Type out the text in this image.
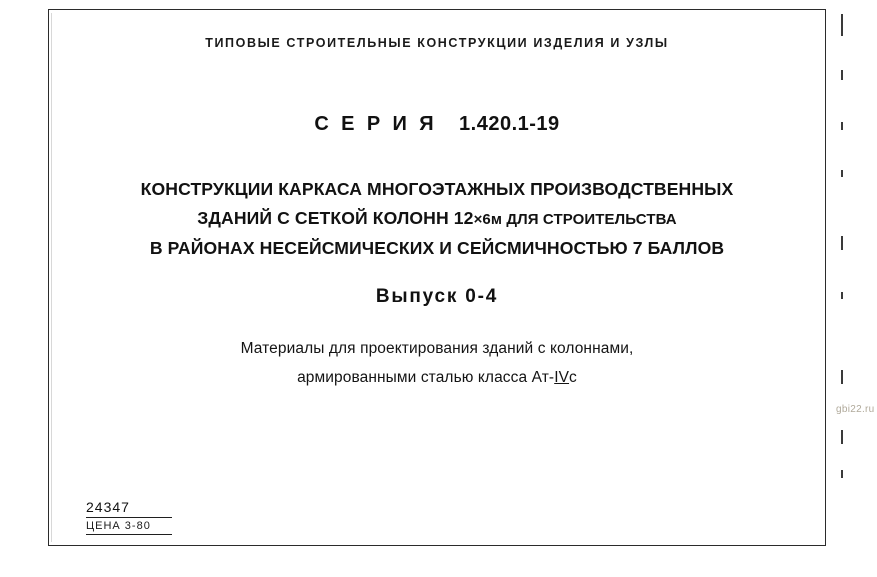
ТИПОВЫЕ СТРОИТЕЛЬНЫЕ КОНСТРУКЦИИ ИЗДЕЛИЯ И УЗЛЫ
С Е Р И Я 1.420.1-19
КОНСТРУКЦИИ КАРКАСА МНОГОЭТАЖНЫХ ПРОИЗВОДСТВЕННЫХ
ЗДАНИЙ С СЕТКОЙ КОЛОНН 12×6м ДЛЯ СТРОИТЕЛЬСТВА
В РАЙОНАХ НЕСЕЙСМИЧЕСКИХ И СЕЙСМИЧНОСТЬЮ 7 БАЛЛОВ
Выпуск 0-4
Материалы для проектирования зданий с колоннами,
армированными сталью класса Ат-IVс
24347
ЦЕНА 3-80
gbi22.ru
